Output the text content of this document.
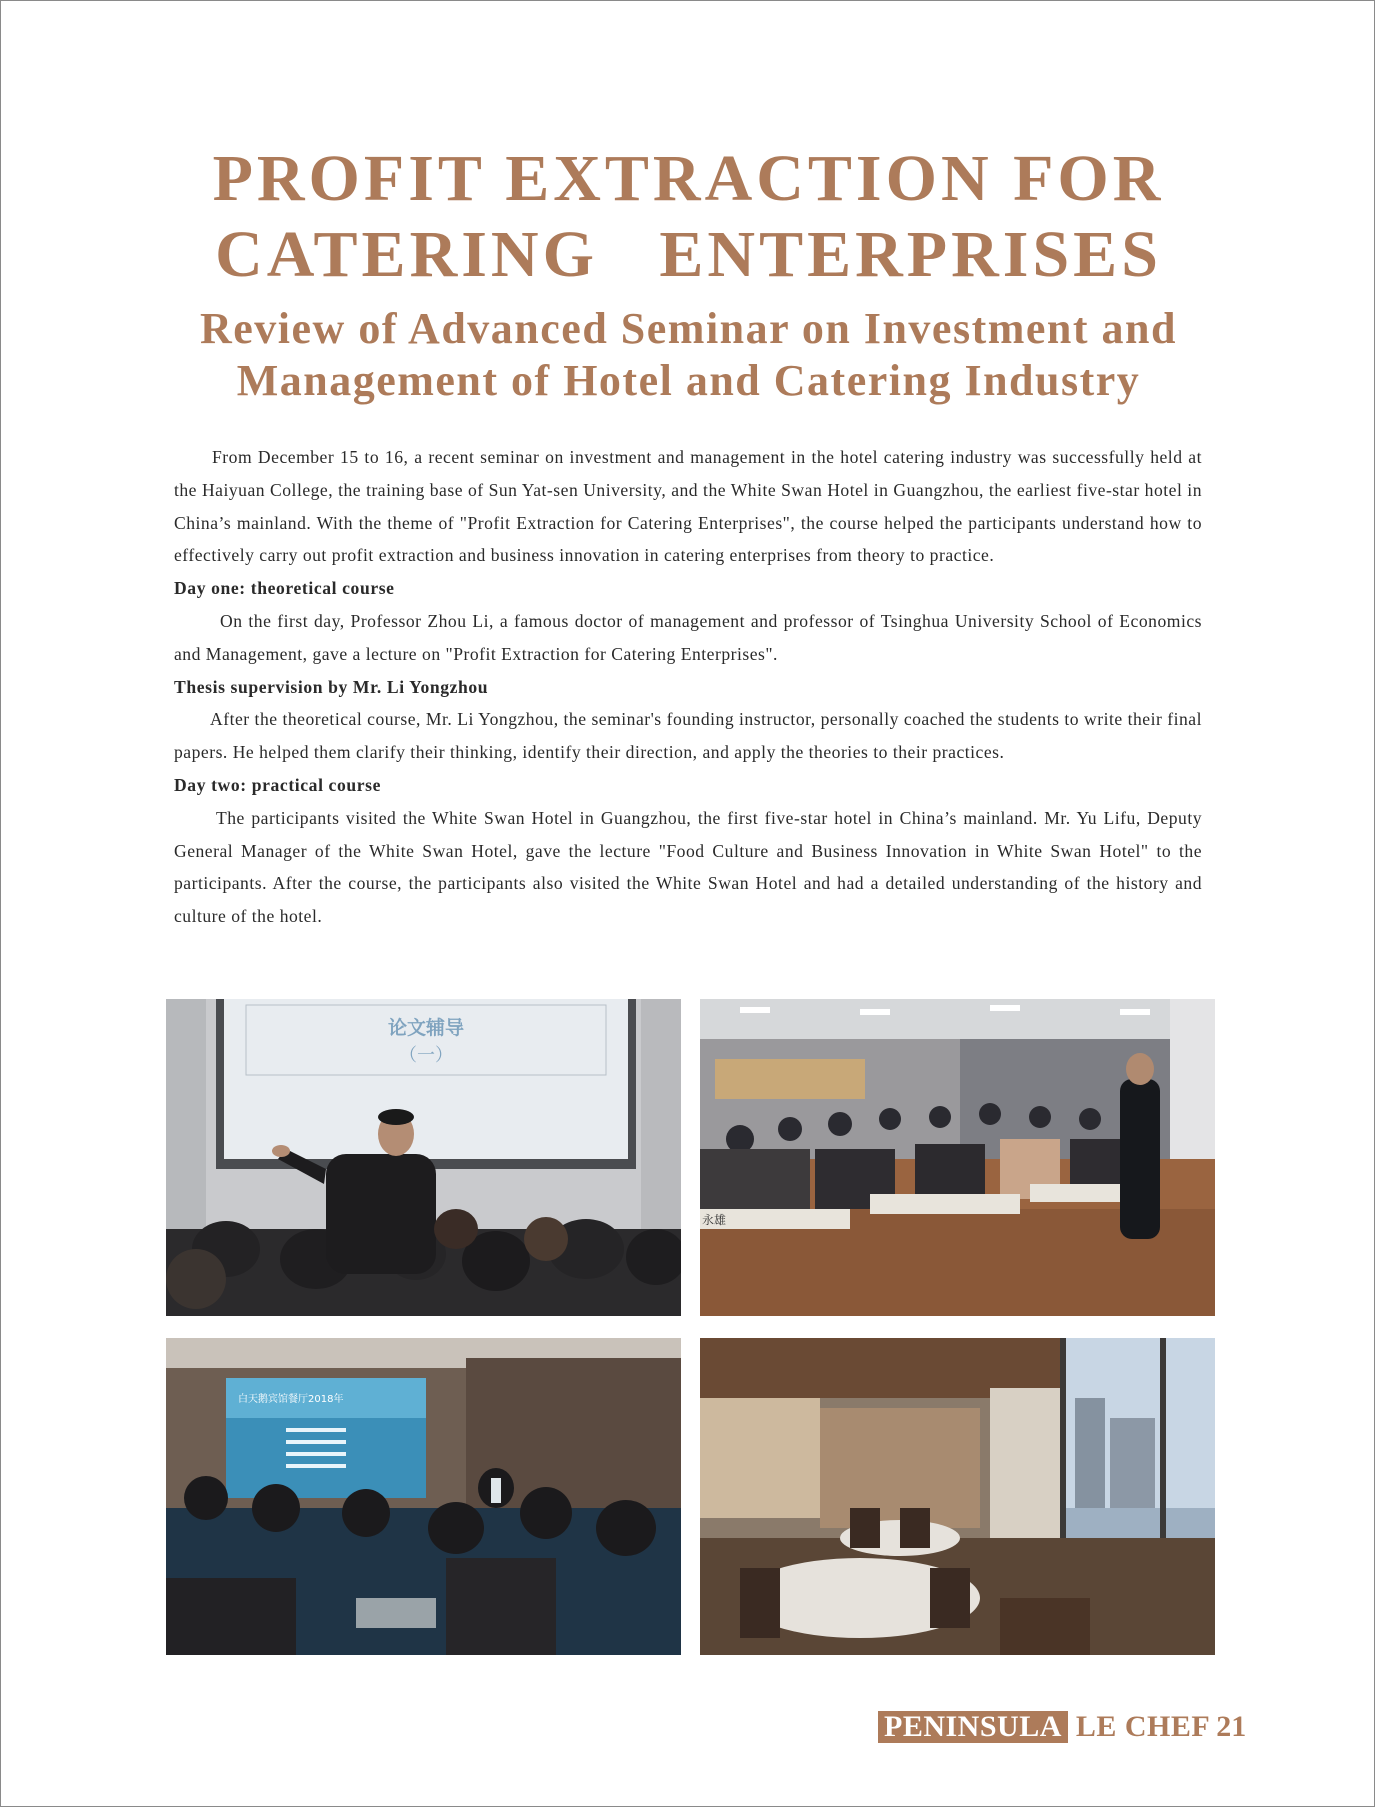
PROFIT EXTRACTION FOR
CATERING   ENTERPRISES
Review of Advanced Seminar on Investment and
Management of Hotel and Catering Industry

From December 15 to 16, a recent seminar on investment and management in the hotel catering industry was successfully held at the Haiyuan College, the training base of Sun Yat-sen University, and the White Swan Hotel in Guangzhou, the earliest five-star hotel in China’s mainland. With the theme of "Profit Extraction for Catering Enterprises", the course helped the participants understand how to effectively carry out profit extraction and business innovation in catering enterprises from theory to practice.

Day one: theoretical course

On the first day, Professor Zhou Li, a famous doctor of management and professor of Tsinghua University School of Economics and Management, gave a lecture on "Profit Extraction for Catering Enterprises".

Thesis supervision by Mr. Li Yongzhou

After the theoretical course, Mr. Li Yongzhou, the seminar's founding instructor, personally coached the students to write their final papers. He helped them clarify their thinking, identify their direction, and apply the theories to their practices.

Day two: practical course

The participants visited the White Swan Hotel in Guangzhou, the first five-star hotel in China’s mainland. Mr. Yu Lifu, Deputy General Manager of the White Swan Hotel, gave the lecture "Food Culture and Business Innovation in White Swan Hotel" to the participants. After the course, the participants also visited the White Swan Hotel and had a detailed understanding of the history and culture of the hotel.

论文辅导
（一）
永雄
白天鹅宾馆餐厅2018年
PENINSULA LE CHEF 21
